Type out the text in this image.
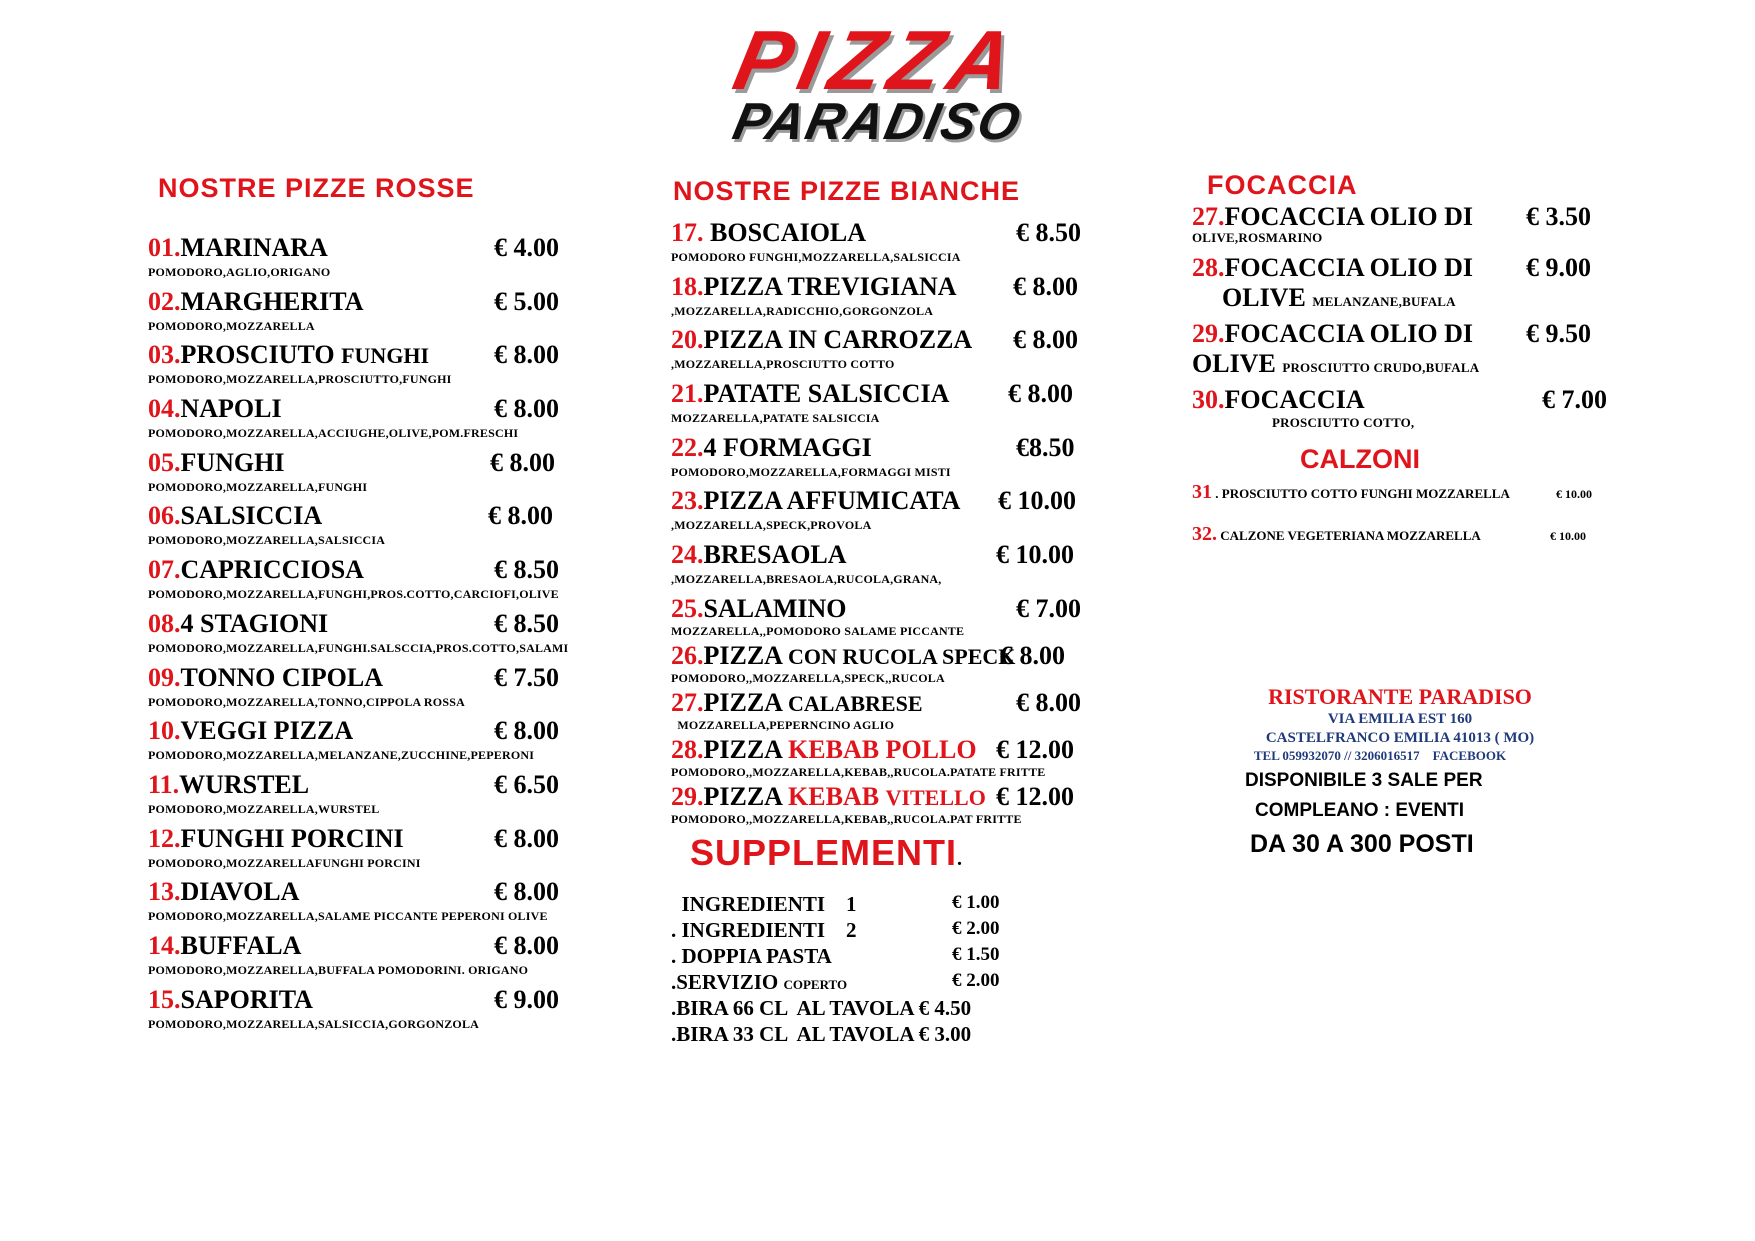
PIZZA
PARADISO
NOSTRE PIZZE ROSSE
01.MARINARA	€ 4.00
POMODORO,AGLIO,ORIGANO
02.MARGHERITA	€ 5.00
POMODORO,MOZZARELLA
03.PROSCIUTO FUNGHI	€ 8.00
POMODORO,MOZZARELLA,PROSCIUTTO,FUNGHI
04.NAPOLI	€ 8.00
POMODORO,MOZZARELLA,ACCIUGHE,OLIVE,POM.FRESCHI
05.FUNGHI	€ 8.00
POMODORO,MOZZARELLA,FUNGHI
06.SALSICCIA	€ 8.00
POMODORO,MOZZARELLA,SALSICCIA
07.CAPRICCIOSA	€ 8.50
POMODORO,MOZZARELLA,FUNGHI,PROS.COTTO,CARCIOFI,OLIVE
08.4 STAGIONI	€ 8.50
POMODORO,MOZZARELLA,FUNGHI.SALSCCIA,PROS.COTTO,SALAMI
09.TONNO CIPOLA	€ 7.50
POMODORO,MOZZARELLA,TONNO,CIPPOLA ROSSA
10.VEGGI PIZZA	€ 8.00
POMODORO,MOZZARELLA,MELANZANE,ZUCCHINE,PEPERONI
11.WURSTEL	€ 6.50
POMODORO,MOZZARELLA,WURSTEL
12.FUNGHI PORCINI	€ 8.00
POMODORO,MOZZARELLAFUNGHI PORCINI
13.DIAVOLA	€ 8.00
POMODORO,MOZZARELLA,SALAME PICCANTE PEPERONI OLIVE
14.BUFFALA	€ 8.00
POMODORO,MOZZARELLA,BUFFALA POMODORINI. ORIGANO
15.SAPORITA	€ 9.00
POMODORO,MOZZARELLA,SALSICCIA,GORGONZOLA
NOSTRE PIZZE BIANCHE
17. BOSCAIOLA	€ 8.50
POMODORO FUNGHI,MOZZARELLA,SALSICCIA
18.PIZZA TREVIGIANA	€ 8.00
,MOZZARELLA,RADICCHIO,GORGONZOLA
20.PIZZA IN CARROZZA	€ 8.00
,MOZZARELLA,PROSCIUTTO COTTO
21.PATATE SALSICCIA	€ 8.00
MOZZARELLA,PATATE SALSICCIA
22.4 FORMAGGI	€8.50
POMODORO,MOZZARELLA,FORMAGGI MISTI
23.PIZZA AFFUMICATA	€ 10.00
,MOZZARELLA,SPECK,PROVOLA
24.BRESAOLA	€ 10.00
,MOZZARELLA,BRESAOLA,RUCOLA,GRANA,
25.SALAMINO	€ 7.00
MOZZARELLA,,POMODORO SALAME PICCANTE
26.PIZZA CON RUCOLA SPECK
€ 8.00
POMODORO,,MOZZARELLA,SPECK,,RUCOLA
27.PIZZA CALABRESE	€ 8.00
MOZZARELLA,PEPERNCINO AGLIO
28.PIZZA KEBAB POLLO € 12.00
POMODORO,,MOZZARELLA,KEBAB,,RUCOLA.PATATE FRITTE
29.PIZZA KEBAB VITELLO € 12.00
POMODORO,,MOZZARELLA,KEBAB,,RUCOLA.PAT FRITTE
SUPPLEMENTI.
INGREDIENTI    1	€ 1.00
. INGREDIENTI    2	€ 2.00
. DOPPIA PASTA	€ 1.50
.SERVIZIO COPERTO	€ 2.00
.BIRA 66 CL  AL TAVOLA € 4.50
.BIRA 33 CL  AL TAVOLA € 3.00
FOCACCIA
27.FOCACCIA OLIO DI	€ 3.50
OLIVE,ROSMARINO
28.FOCACCIA OLIO DI	€ 9.00
OLIVE MELANZANE,BUFALA
29.FOCACCIA OLIO DI	€ 9.50
OLIVE PROSCIUTTO CRUDO,BUFALA
30.FOCACCIA	€ 7.00
PROSCIUTTO COTTO,
CALZONI
31 . PROSCIUTTO COTTO FUNGHI MOZZARELLA	€ 10.00
32. CALZONE VEGETERIANA MOZZARELLA	€ 10.00
RISTORANTE PARADISO
VIA EMILIA EST 160
CASTELFRANCO EMILIA 41013 ( MO)
TEL 059932070 // 3206016517    FACEBOOK
DISPONIBILE 3 SALE PER
COMPLEANO : EVENTI
DA 30 A 300 POSTI
